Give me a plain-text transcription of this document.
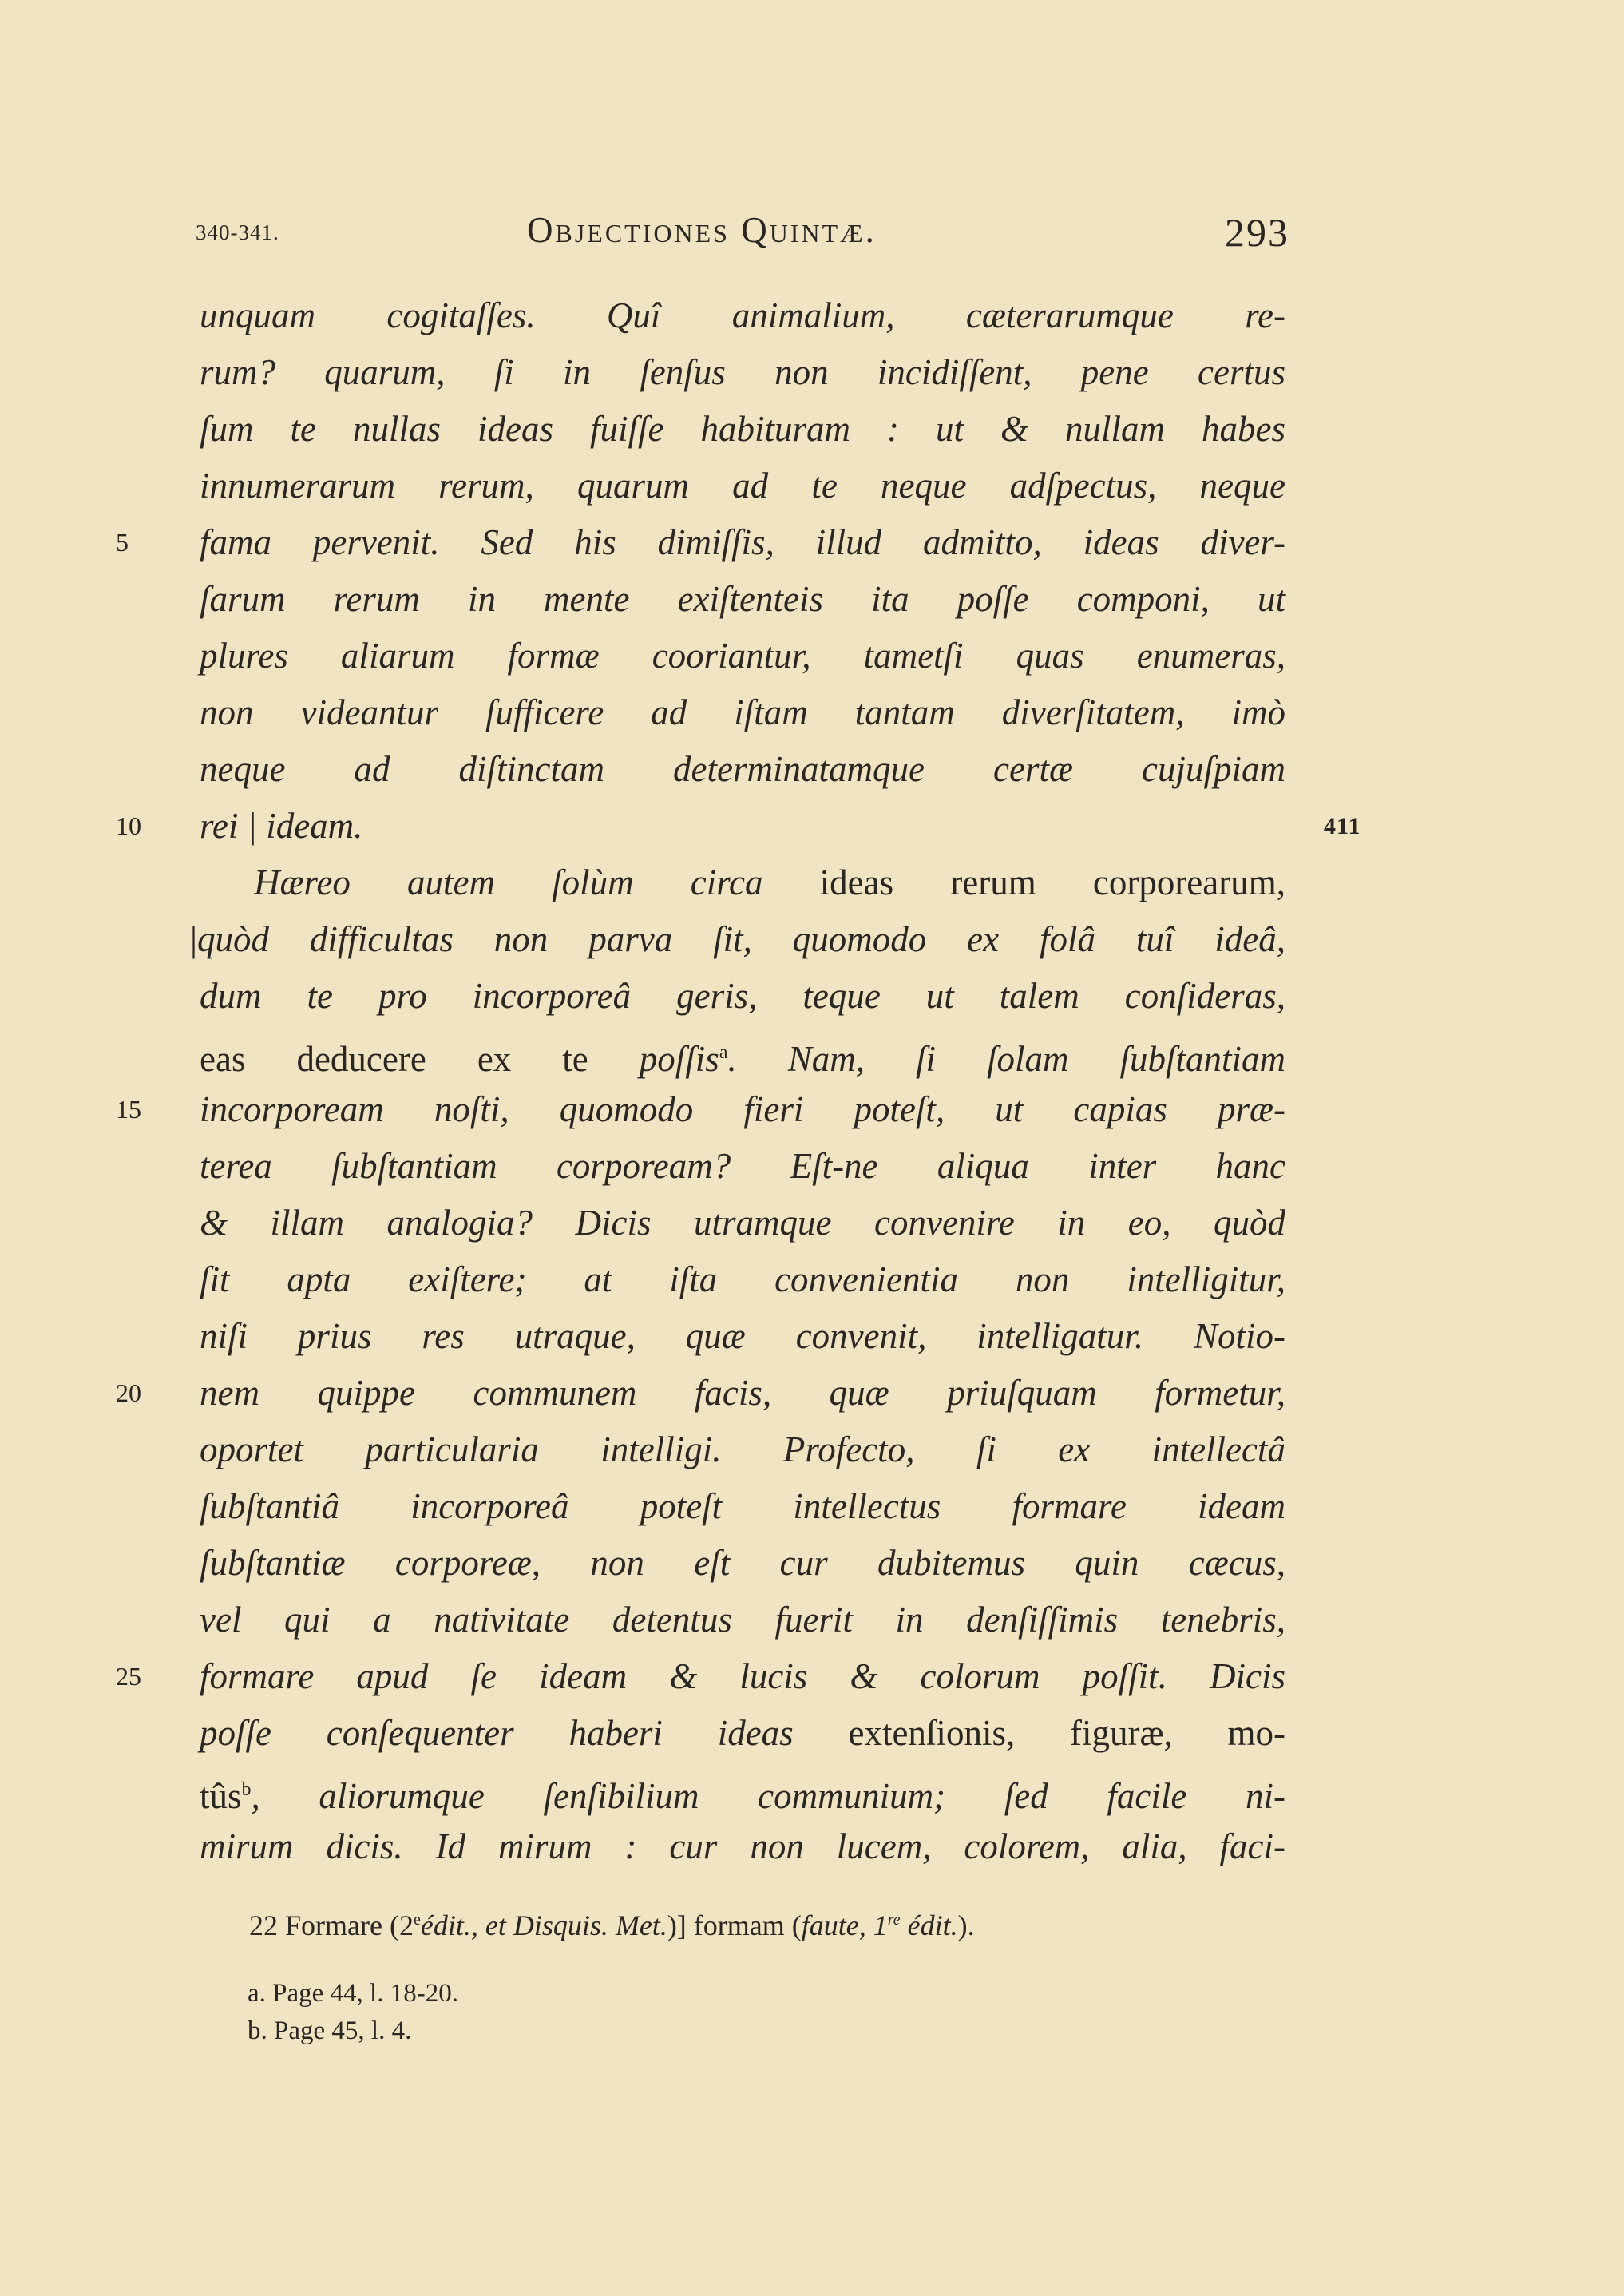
340-341.	Objectiones Quintæ.	293
unquam cogitaſſes. Quî animalium, cæterarumque re-
rum? quarum, ſi in ſenſus non incidiſſent, pene certus
ſum te nullas ideas fuiſſe habituram : ut & nullam habes
innumerarum rerum, quarum ad te neque adſpectus, neque
5	fama pervenit. Sed his dimiſſis, illud admitto, ideas diver-
ſarum rerum in mente exiſtenteis ita poſſe componi, ut
plures aliarum formæ cooriantur, tametſi quas enumeras,
non videantur ſufficere ad iſtam tantam diverſitatem, imò
neque ad diſtinctam determinatamque certæ cujuſpiam
10	rei | ideam.	411
Hæreo autem ſolùm circa ideas rerum corporearum,
|quòd difficultas non parva ſit, quomodo ex folâ tuî ideâ,
dum te pro incorporeâ geris, teque ut talem conſideras,
eas deducere ex te poſſis$^a$. Nam, ſi ſolam ſubſtantiam
15	incorpoream noſti, quomodo fieri poteſt, ut capias præ-
terea ſubſtantiam corpoream? Eſt-ne aliqua inter hanc
& illam analogia? Dicis utramque convenire in eo, quòd
ſit apta exiſtere; at iſta convenientia non intelligitur,
niſi prius res utraque, quæ convenit, intelligatur. Notio-
20	nem quippe communem facis, quæ priuſquam formetur,
oportet particularia intelligi. Profecto, ſi ex intellectâ
ſubſtantiâ incorporeâ poteſt intellectus formare ideam
ſubſtantiæ corporeæ, non eſt cur dubitemus quin cæcus,
vel qui a nativitate detentus fuerit in denſiſſimis tenebris,
25	formare apud ſe ideam & lucis & colorum poſſit. Dicis
poſſe conſequenter haberi ideas extenſionis, figuræ, mo-
tûs$^b$, aliorumque ſenſibilium communium; ſed facile ni-
mirum dicis. Id mirum : cur non lucem, colorem, alia, faci-
22 Formare (2eédit., et Disquis. Met.)] formam (faute, 1re édit.).
a. Page 44, l. 18-20.
b. Page 45, l. 4.
